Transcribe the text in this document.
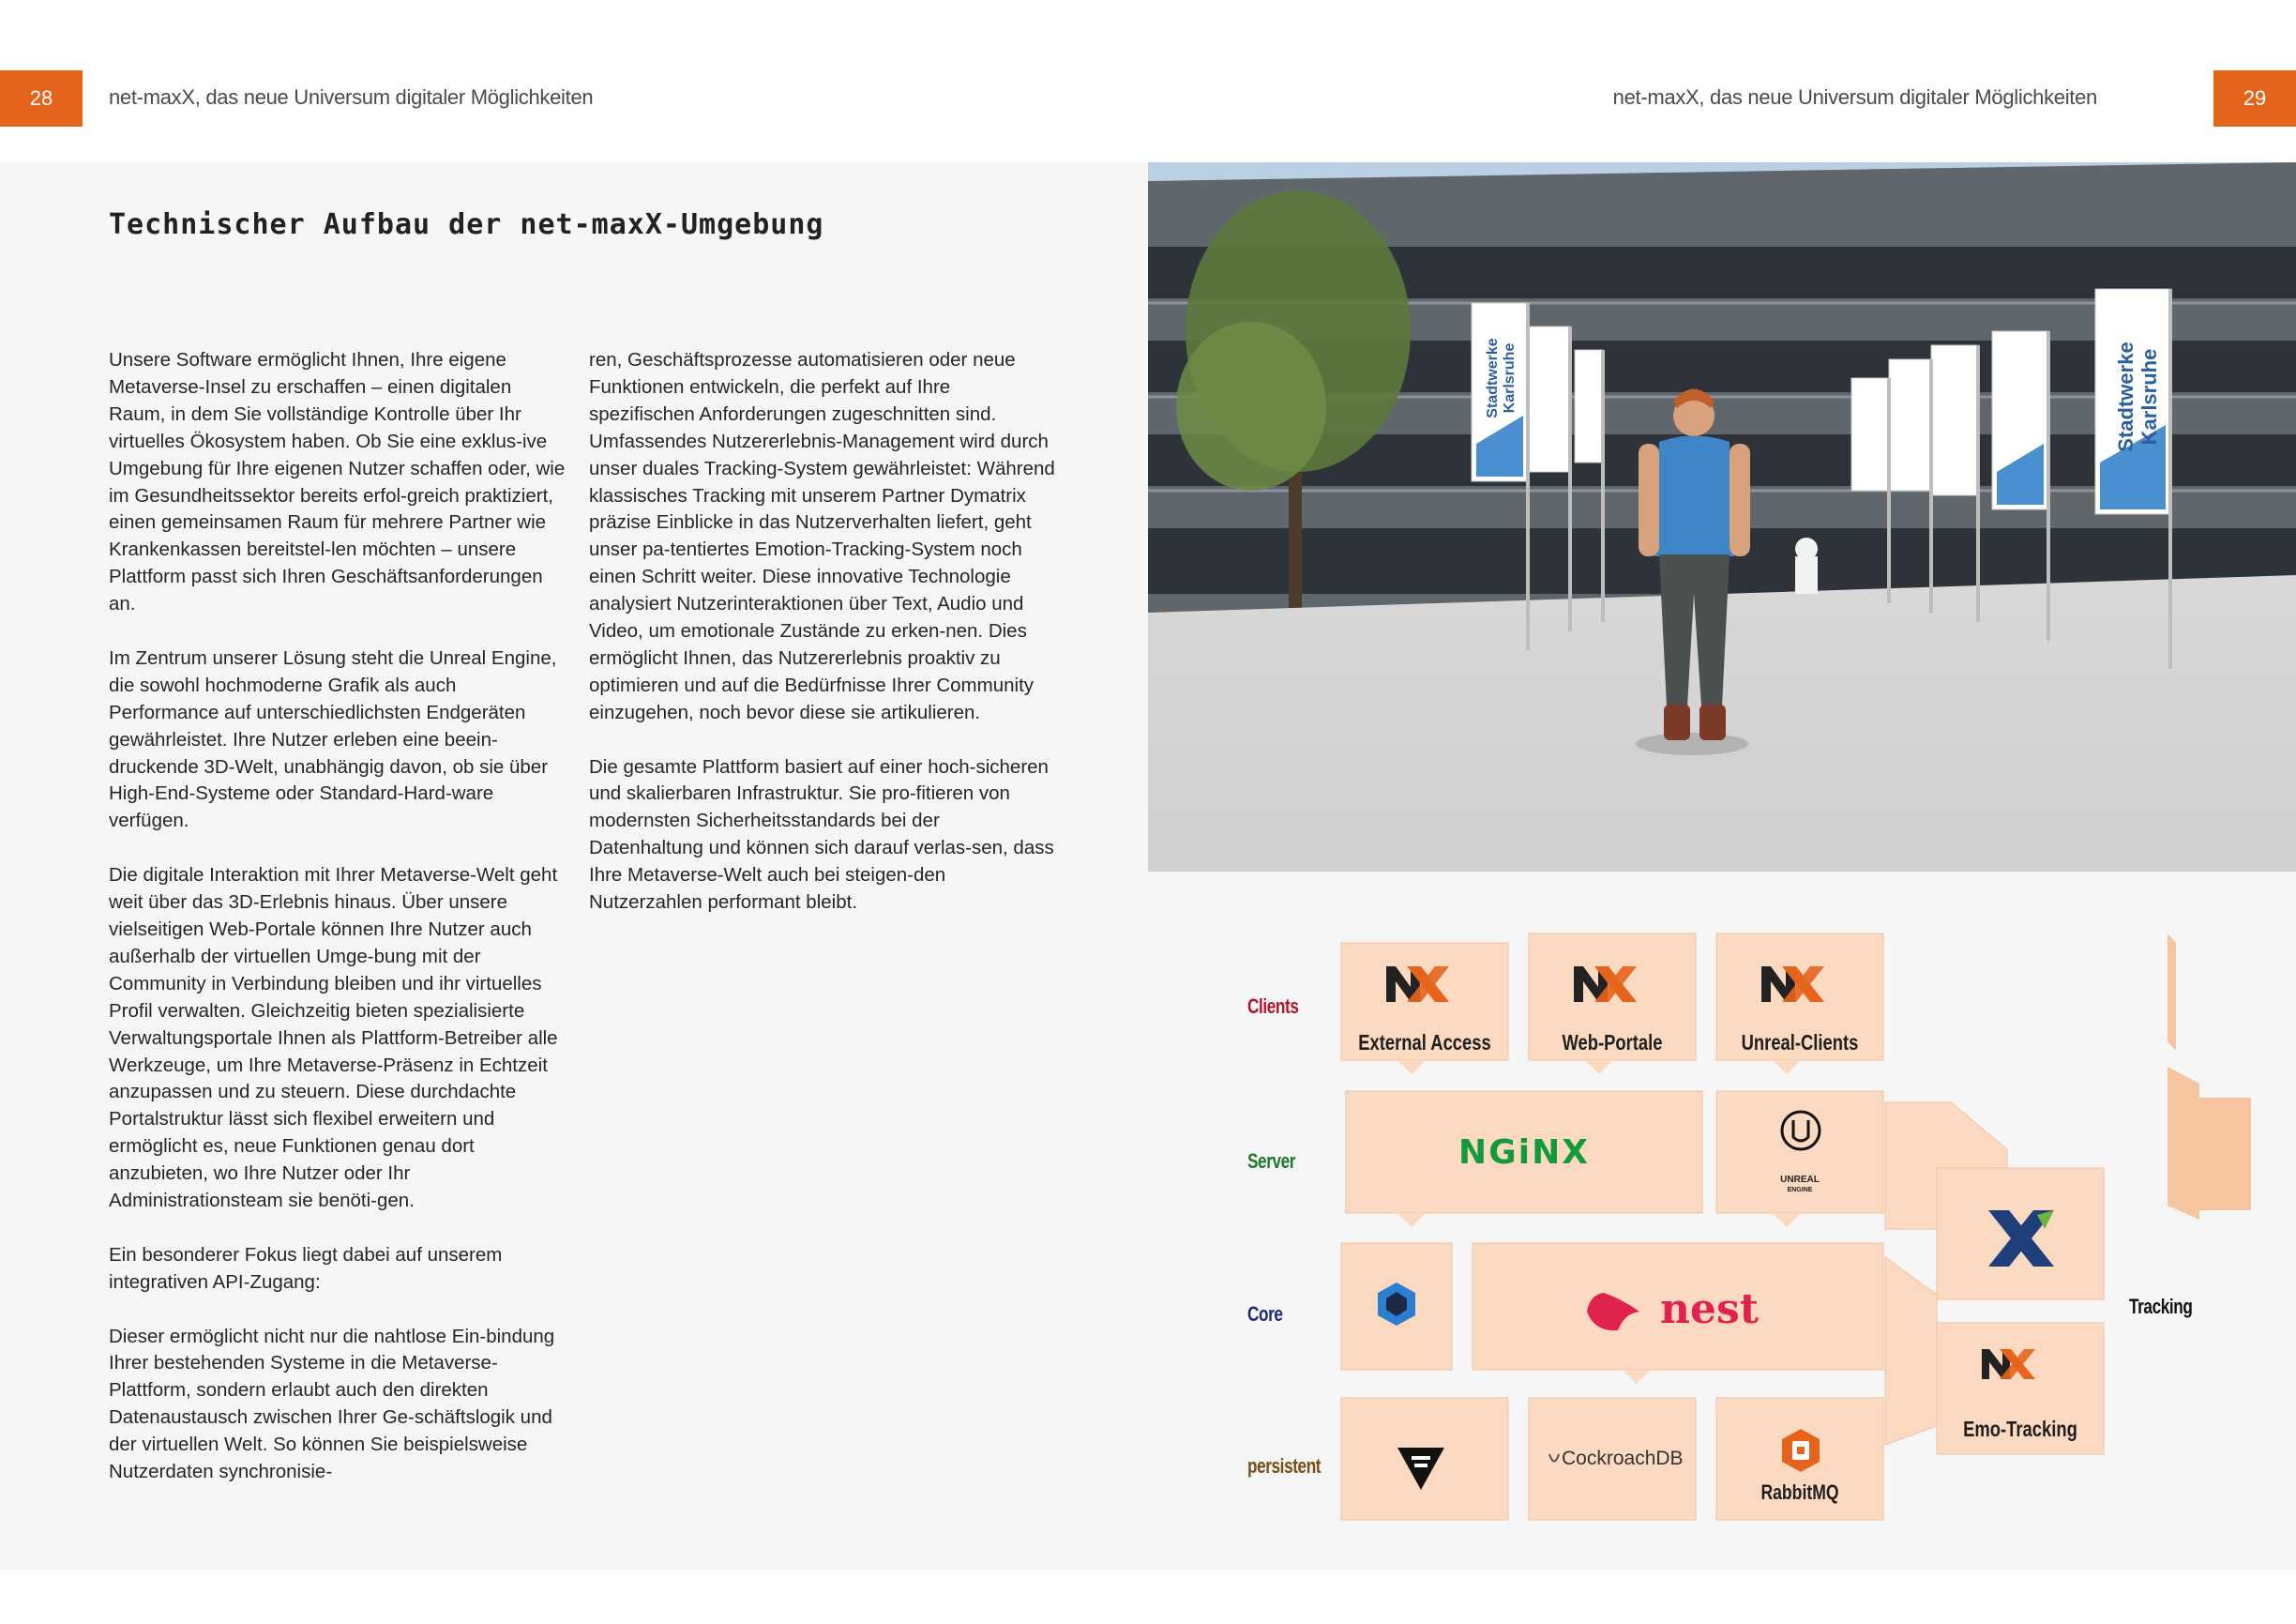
28	net-maxX, das neue Universum digitaler Möglichkeiten	net-maxX, das neue Universum digitaler Möglichkeiten	29
Technischer Aufbau der net-maxX-Umgebung

Unsere Software ermöglicht Ihnen, Ihre eigene Metaverse-Insel zu erschaffen – einen digitalen Raum, in dem Sie vollständige Kontrolle über Ihr virtuelles Ökosystem haben. Ob Sie eine exklus-ive Umgebung für Ihre eigenen Nutzer schaffen oder, wie im Gesundheitssektor bereits erfol-greich praktiziert, einen gemeinsamen Raum für mehrere Partner wie Krankenkassen bereitstel-len möchten – unsere Plattform passt sich Ihren Geschäftsanforderungen an.

Im Zentrum unserer Lösung steht die Unreal Engine, die sowohl hochmoderne Grafik als auch Performance auf unterschiedlichsten Endgeräten gewährleistet. Ihre Nutzer erleben eine beein-druckende 3D-Welt, unabhängig davon, ob sie über High-End-Systeme oder Standard-Hard-ware verfügen.

Die digitale Interaktion mit Ihrer Metaverse-Welt geht weit über das 3D-Erlebnis hinaus. Über unsere vielseitigen Web-Portale können Ihre Nutzer auch außerhalb der virtuellen Umge-bung mit der Community in Verbindung bleiben und ihr virtuelles Profil verwalten. Gleichzeitig bieten spezialisierte Verwaltungsportale Ihnen als Plattform-Betreiber alle Werkzeuge, um Ihre Metaverse-Präsenz in Echtzeit anzupassen und zu steuern. Diese durchdachte Portalstruktur lässt sich flexibel erweitern und ermöglicht es, neue Funktionen genau dort anzubieten, wo Ihre Nutzer oder Ihr Administrationsteam sie benöti-gen.

Ein besonderer Fokus liegt dabei auf unserem integrativen API-Zugang:

Dieser ermöglicht nicht nur die nahtlose Ein-bindung Ihrer bestehenden Systeme in die Metaverse-Plattform, sondern erlaubt auch den direkten Datenaustausch zwischen Ihrer Ge-schäftslogik und der virtuellen Welt. So können Sie beispielsweise Nutzerdaten synchronisie-

ren, Geschäftsprozesse automatisieren oder neue Funktionen entwickeln, die perfekt auf Ihre spezifischen Anforderungen zugeschnitten sind. Umfassendes Nutzererlebnis-Management wird durch unser duales Tracking-System gewährleistet: Während klassisches Tracking mit unserem Partner Dymatrix präzise Einblicke in das Nutzerverhalten liefert, geht unser pa-tentiertes Emotion-Tracking-System noch einen Schritt weiter. Diese innovative Technologie analysiert Nutzerinteraktionen über Text, Audio und Video, um emotionale Zustände zu erken-nen. Dies ermöglicht Ihnen, das Nutzererlebnis proaktiv zu optimieren und auf die Bedürfnisse Ihrer Community einzugehen, noch bevor diese sie artikulieren.

Die gesamte Plattform basiert auf einer hoch-sicheren und skalierbaren Infrastruktur. Sie pro-fitieren von modernsten Sicherheitsstandards bei der Datenhaltung und können sich darauf verlas-sen, dass Ihre Metaverse-Welt auch bei steigen-den Nutzerzahlen performant bleibt.

Stadtwerke Karlsruhe
Stadtwerke Karlsruhe
Clients
Server
Core
persistent
Tracking
External Access	Web-Portale	Unreal-Clients
NGiNX
UNREAL
ENGINE
nest
CockroachDB
RabbitMQ
Emo-Tracking
